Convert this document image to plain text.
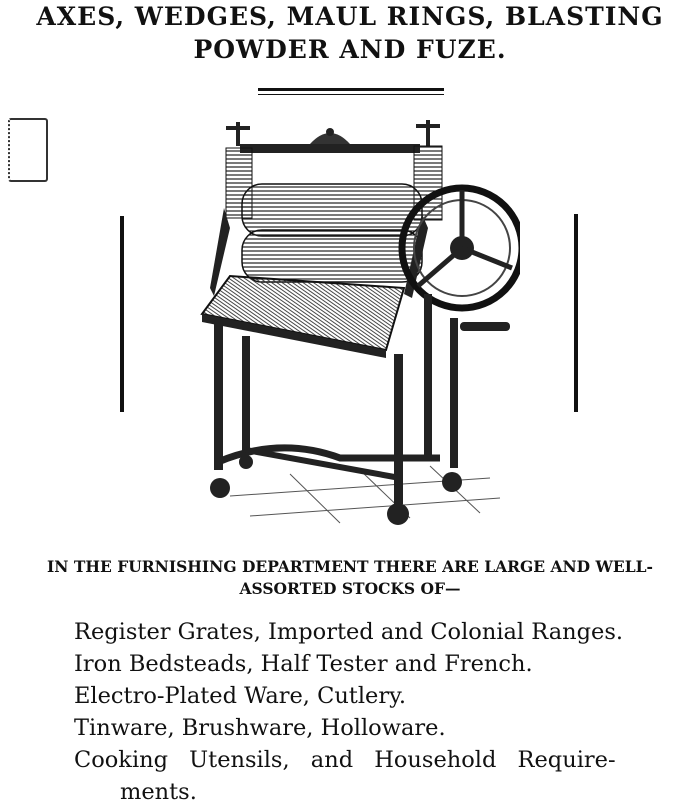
AXES, WEDGES, MAUL RINGS, BLASTING
POWDER AND FUZE.
IN THE FURNISHING DEPARTMENT THERE ARE LARGE AND WELL-
ASSORTED STOCKS OF—
Register Grates, Imported and Colonial Ranges.
Iron Bedsteads, Half Tester and French.
Electro-Plated Ware, Cutlery.
Tinware, Brushware, Holloware.
Cooking Utensils, and Household Require-
ments.
